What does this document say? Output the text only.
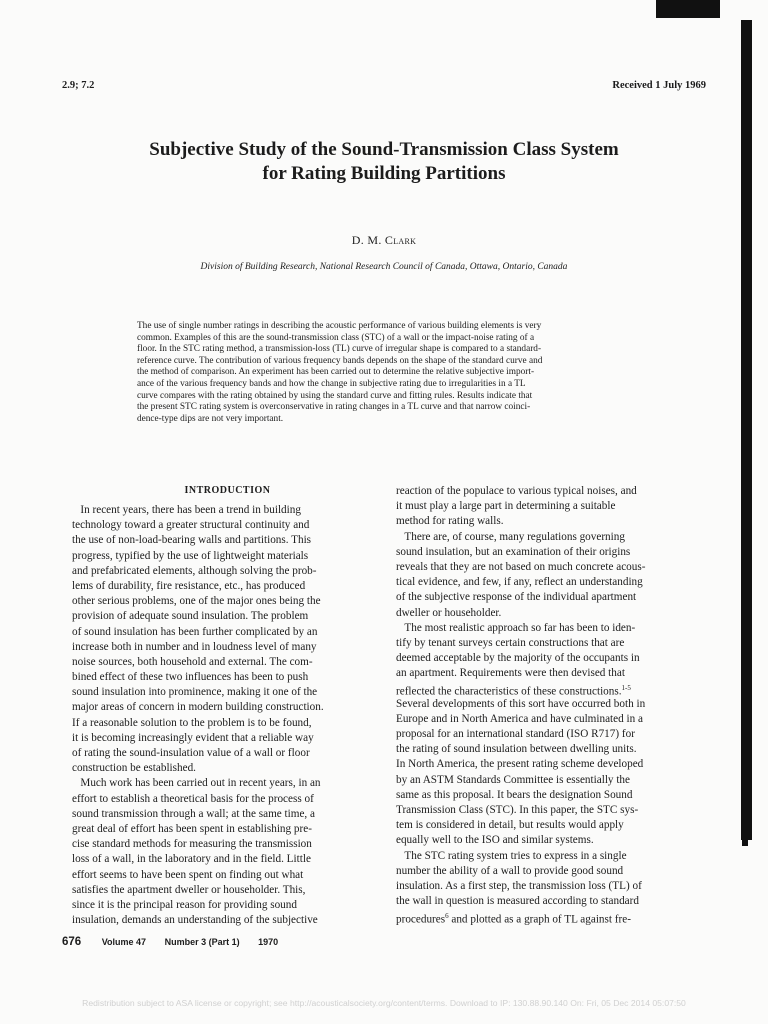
2.9; 7.2	Received 1 July 1969
Subjective Study of the Sound-Transmission Class System
for Rating Building Partitions
D. M. Clark
Division of Building Research, National Research Council of Canada, Ottawa, Ontario, Canada
The use of single number ratings in describing the acoustic performance of various building elements is very
common. Examples of this are the sound-transmission class (STC) of a wall or the impact-noise rating of a
floor. In the STC rating method, a transmission-loss (TL) curve of irregular shape is compared to a standard-
reference curve. The contribution of various frequency bands depends on the shape of the standard curve and
the method of comparison. An experiment has been carried out to determine the relative subjective import-
ance of the various frequency bands and how the change in subjective rating due to irregularities in a TL
curve compares with the rating obtained by using the standard curve and fitting rules. Results indicate that
the present STC rating system is overconservative in rating changes in a TL curve and that narrow coinci-
dence-type dips are not very important.
INTRODUCTION
In recent years, there has been a trend in building
technology toward a greater structural continuity and
the use of non-load-bearing walls and partitions. This
progress, typified by the use of lightweight materials
and prefabricated elements, although solving the prob-
lems of durability, fire resistance, etc., has produced
other serious problems, one of the major ones being the
provision of adequate sound insulation. The problem
of sound insulation has been further complicated by an
increase both in number and in loudness level of many
noise sources, both household and external. The com-
bined effect of these two influences has been to push
sound insulation into prominence, making it one of the
major areas of concern in modern building construction.
If a reasonable solution to the problem is to be found,
it is becoming increasingly evident that a reliable way
of rating the sound-insulation value of a wall or floor
construction be established.
Much work has been carried out in recent years, in an
effort to establish a theoretical basis for the process of
sound transmission through a wall; at the same time, a
great deal of effort has been spent in establishing pre-
cise standard methods for measuring the transmission
loss of a wall, in the laboratory and in the field. Little
effort seems to have been spent on finding out what
satisfies the apartment dweller or householder. This,
since it is the principal reason for providing sound
insulation, demands an understanding of the subjective
reaction of the populace to various typical noises, and
it must play a large part in determining a suitable
method for rating walls.
There are, of course, many regulations governing
sound insulation, but an examination of their origins
reveals that they are not based on much concrete acous-
tical evidence, and few, if any, reflect an understanding
of the subjective response of the individual apartment
dweller or householder.
The most realistic approach so far has been to iden-
tify by tenant surveys certain constructions that are
deemed acceptable by the majority of the occupants in
an apartment. Requirements were then devised that
reflected the characteristics of these constructions.$^{1-5}$
Several developments of this sort have occurred both in
Europe and in North America and have culminated in a
proposal for an international standard (ISO R717) for
the rating of sound insulation between dwelling units.
In North America, the present rating scheme developed
by an ASTM Standards Committee is essentially the
same as this proposal. It bears the designation Sound
Transmission Class (STC). In this paper, the STC sys-
tem is considered in detail, but results would apply
equally well to the ISO and similar systems.
The STC rating system tries to express in a single
number the ability of a wall to provide good sound
insulation. As a first step, the transmission loss (TL) of
the wall in question is measured according to standard
procedures$^6$ and plotted as a graph of TL against fre-
676 Volume 47 Number 3 (Part 1) 1970
Redistribution subject to ASA license or copyright; see http://acousticalsociety.org/content/terms. Download to IP: 130.88.90.140 On: Fri, 05 Dec 2014 05:07:50
